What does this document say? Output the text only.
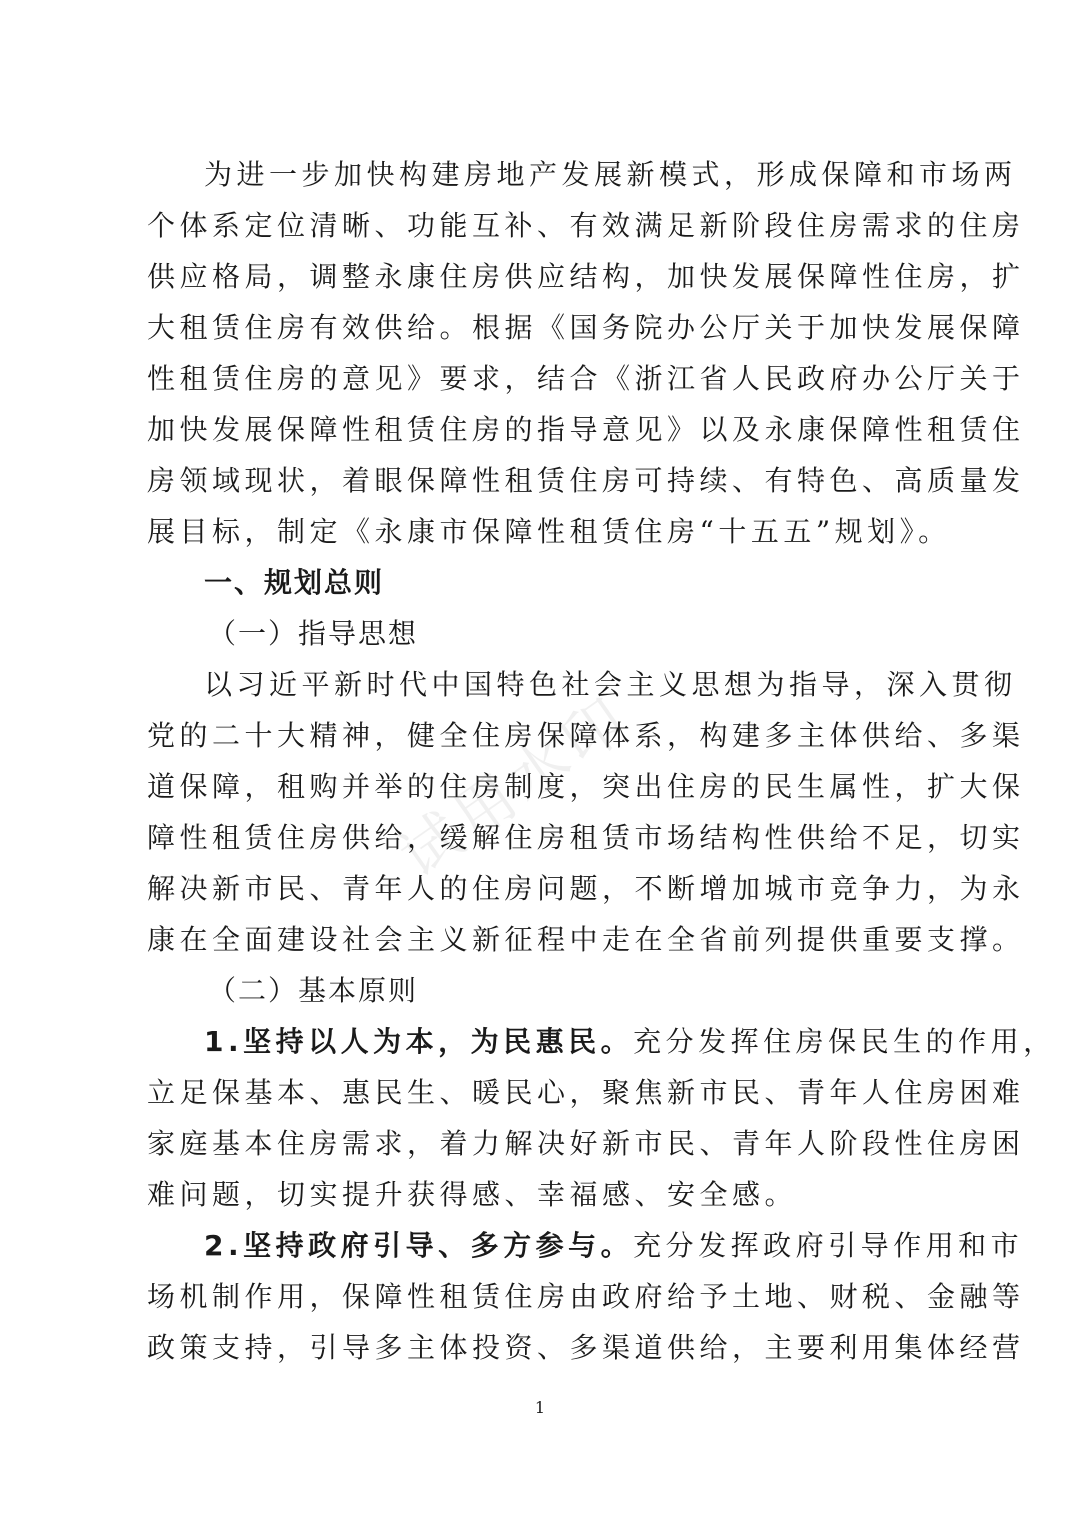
试用水印
为进一步加快构建房地产发展新模式，形成保障和市场两
个体系定位清晰、功能互补、有效满足新阶段住房需求的住房
供应格局，调整永康住房供应结构，加快发展保障性住房，扩
大租赁住房有效供给。根据《国务院办公厅关于加快发展保障
性租赁住房的意见》要求，结合《浙江省人民政府办公厅关于
加快发展保障性租赁住房的指导意见》以及永康保障性租赁住
房领域现状，着眼保障性租赁住房可持续、有特色、高质量发
展目标，制定《永康市保障性租赁住房“十五五”规划》。
一、规划总则
（一）指导思想
以习近平新时代中国特色社会主义思想为指导，深入贯彻
党的二十大精神，健全住房保障体系，构建多主体供给、多渠
道保障，租购并举的住房制度，突出住房的民生属性，扩大保
障性租赁住房供给，缓解住房租赁市场结构性供给不足，切实
解决新市民、青年人的住房问题，不断增加城市竞争力，为永
康在全面建设社会主义新征程中走在全省前列提供重要支撑。
（二）基本原则
1.坚持以人为本，为民惠民。充分发挥住房保民生的作用，
立足保基本、惠民生、暖民心，聚焦新市民、青年人住房困难
家庭基本住房需求，着力解决好新市民、青年人阶段性住房困
难问题，切实提升获得感、幸福感、安全感。
2.坚持政府引导、多方参与。充分发挥政府引导作用和市
场机制作用，保障性租赁住房由政府给予土地、财税、金融等
政策支持，引导多主体投资、多渠道供给，主要利用集体经营
1
